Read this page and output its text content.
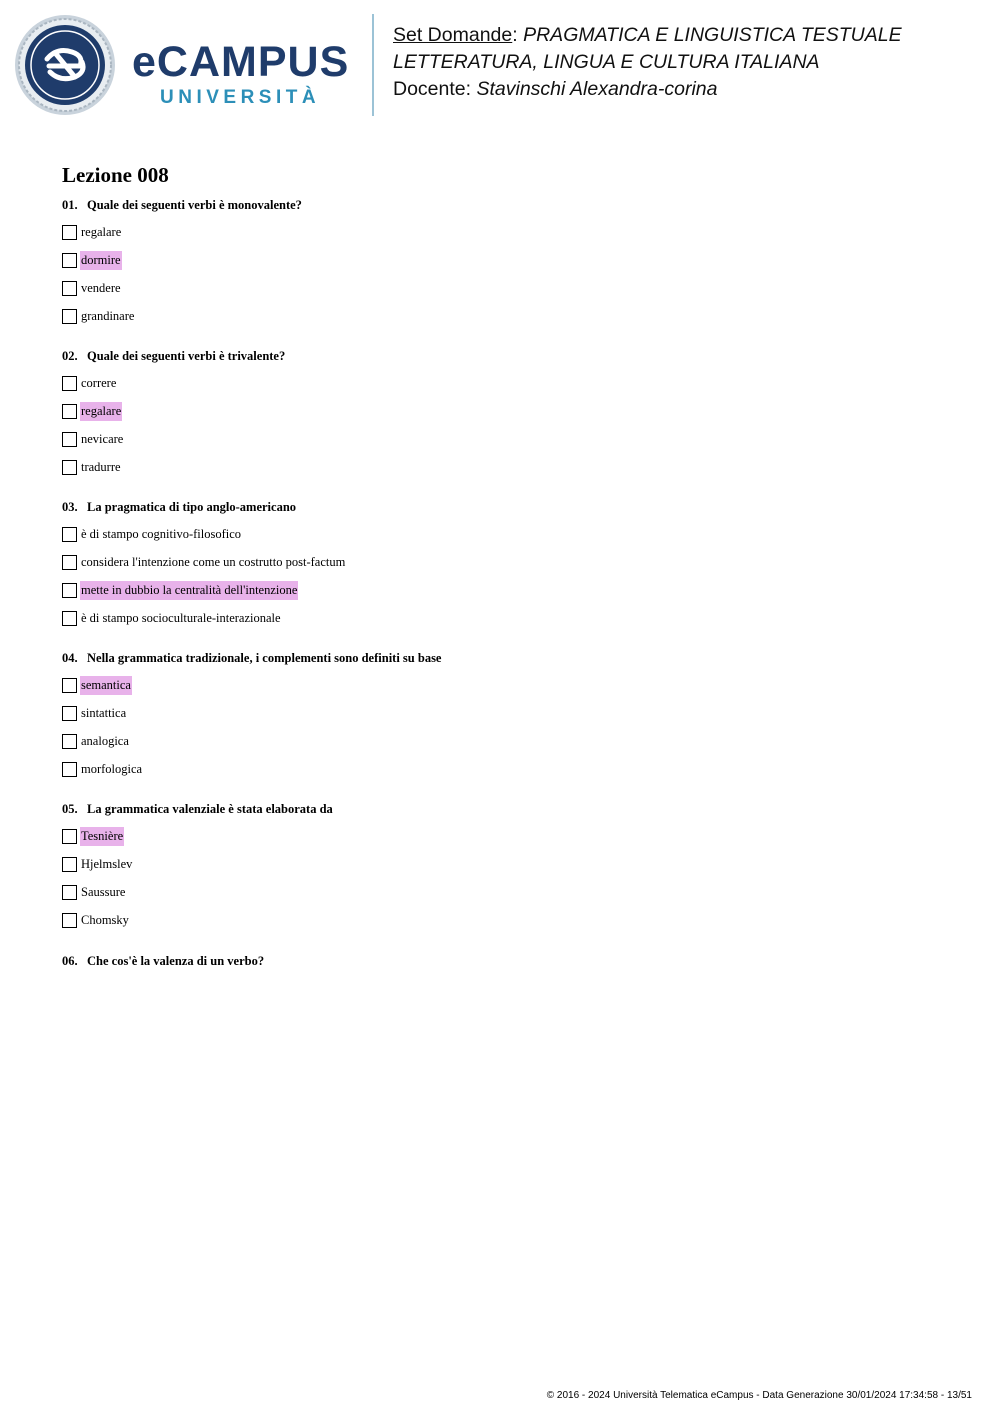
eCAMPUS
UNIVERSITÀ
Set Domande: PRAGMATICA E LINGUISTICA TESTUALE
LETTERATURA, LINGUA E CULTURA ITALIANA
Docente: Stavinschi Alexandra-corina
Lezione 008
01. Quale dei seguenti verbi è monovalente?
regalare
dormire
vendere
grandinare
02. Quale dei seguenti verbi è trivalente?
correre
regalare
nevicare
tradurre
03. La pragmatica di tipo anglo-americano
è di stampo cognitivo-filosofico
considera l'intenzione come un costrutto post-factum
mette in dubbio la centralità dell'intenzione
è di stampo socioculturale-interazionale
04. Nella grammatica tradizionale, i complementi sono definiti su base
semantica
sintattica
analogica
morfologica
05. La grammatica valenziale è stata elaborata da
Tesnière
Hjelmslev
Saussure
Chomsky
06. Che cos'è la valenza di un verbo?
© 2016 - 2024 Università Telematica eCampus - Data Generazione 30/01/2024 17:34:58 - 13/51
